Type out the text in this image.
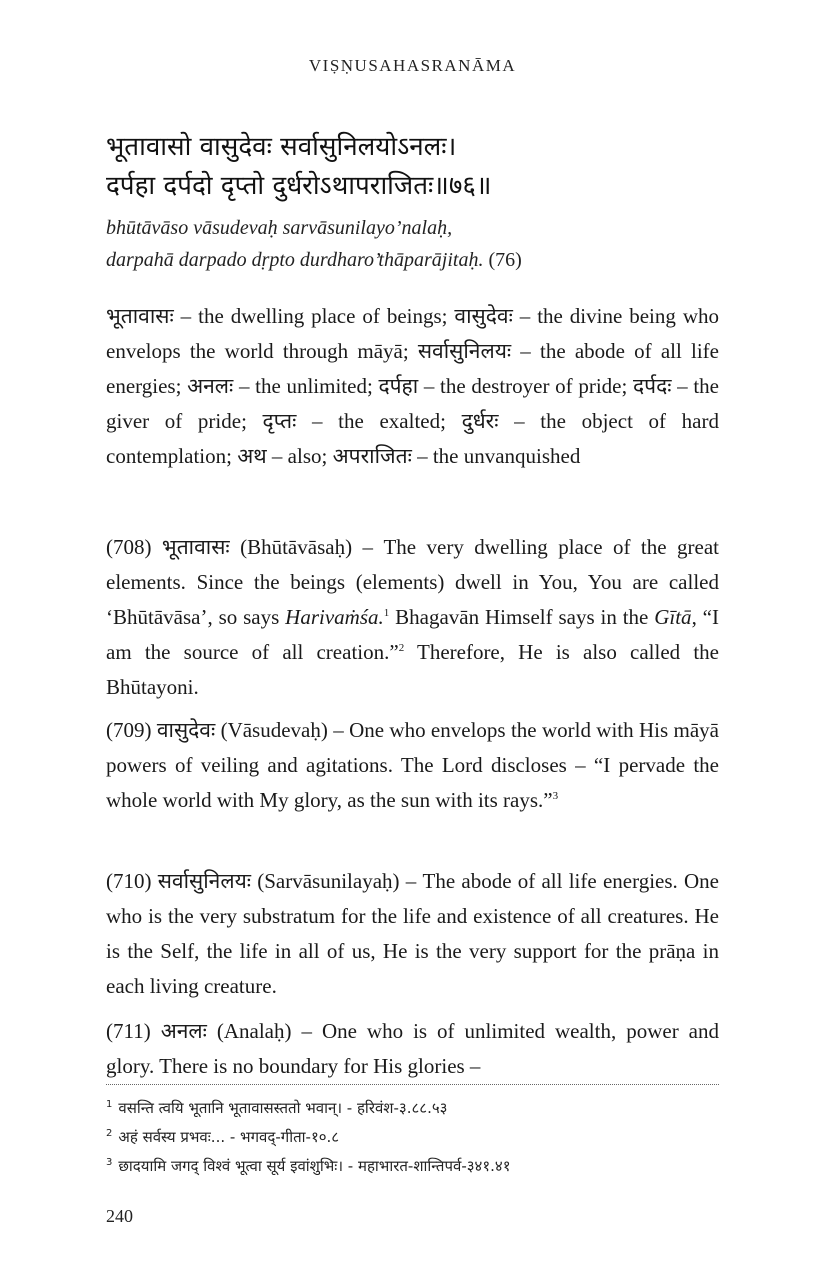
VIṢṆUSAHASRANĀMA
भूतावासो वासुदेवः सर्वासुनिलयोऽनलः।
दर्पहा दर्पदो दृप्तो दुर्धरोऽथापराजितः॥७६॥
bhūtāvāso vāsudevaḥ sarvāsunilayo’nalaḥ,
darpahā darpado dṛpto durdharo’thāparājitaḥ. (76)

भूतावासः – the dwelling place of beings; वासुदेवः – the divine being who envelops the world through māyā; सर्वासुनिलयः – the abode of all life energies; अनलः – the unlimited; दर्पहा – the destroyer of pride; दर्पदः – the giver of pride; दृप्तः – the exalted; दुर्धरः – the object of hard contemplation; अथ – also; अपराजितः – the unvanquished

(708) भूतावासः (Bhūtāvāsaḥ) – The very dwelling place of the great elements. Since the beings (elements) dwell in You, You are called ‘Bhūtāvāsa’, so says Harivaṁśa.$^1$ Bhagavān Himself says in the Gītā, “I am the source of all creation.”$^2$ Therefore, He is also called the Bhūtayoni.

(709) वासुदेवः (Vāsudevaḥ) – One who envelops the world with His māyā powers of veiling and agitations. The Lord discloses – “I pervade the whole world with My glory, as the sun with its rays.”$^3$

(710) सर्वासुनिलयः (Sarvāsunilayaḥ) – The abode of all life energies. One who is the very substratum for the life and existence of all creatures. He is the Self, the life in all of us, He is the very support for the prāṇa in each living creature.

(711) अनलः (Analaḥ) – One who is of unlimited wealth, power and glory. There is no boundary for His glories –

$^1$ वसन्ति त्वयि भूतानि भूतावासस्ततो भवान्। - हरिवंश-३.८८.५३
$^2$ अहं सर्वस्य प्रभवः... - भगवद्-गीता-१०.८
$^3$ छादयामि जगद् विश्वं भूत्वा सूर्य इवांशुभिः। - महाभारत-शान्तिपर्व-३४१.४१
240
